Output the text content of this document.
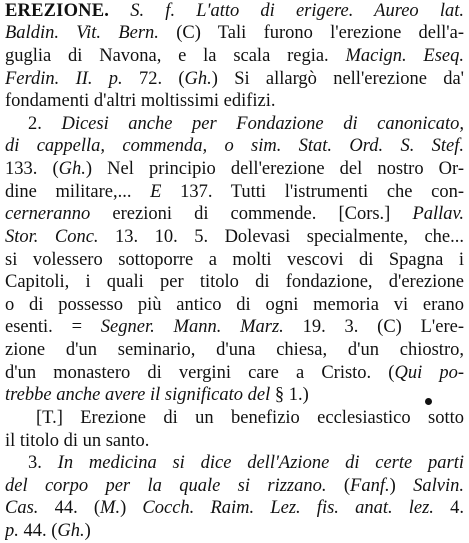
EREZIONE. S. f. L'atto di erigere. Aureo lat.
Baldin. Vit. Bern. (C) Tali furono l'erezione dell'a-
guglia di Navona, e la scala regia. Macign. Eseq.
Ferdin. II. p. 72. (Gh.) Si allargò nell'erezione da'
fondamenti d'altri moltissimi edifizi.
2. Dicesi anche per Fondazione di canonicato,
di cappella, commenda, o sim. Stat. Ord. S. Stef.
133. (Gh.) Nel principio dell'erezione del nostro Or-
dine militare,... E 137. Tutti l'istrumenti che con-
cerneranno erezioni di commende. [Cors.] Pallav.
Stor. Conc. 13. 10. 5. Dolevasi specialmente, che...
si volessero sottoporre a molti vescovi di Spagna i
Capitoli, i quali per titolo di fondazione, d'erezione
o di possesso più antico di ogni memoria vi erano
esenti. = Segner. Mann. Marz. 19. 3. (C) L'ere-
zione d'un seminario, d'una chiesa, d'un chiostro,
d'un monastero di vergini care a Cristo. (Qui po-
trebbe anche avere il significato del § 1.)
[T.] Erezione di un benefizio ecclesiastico sotto
il titolo di un santo.
3. In medicina si dice dell'Azione di certe parti
del corpo per la quale si rizzano. (Fanf.) Salvin.
Cas. 44. (M.) Cocch. Raim. Lez. fis. anat. lez. 4.
p. 44. (Gh.)
